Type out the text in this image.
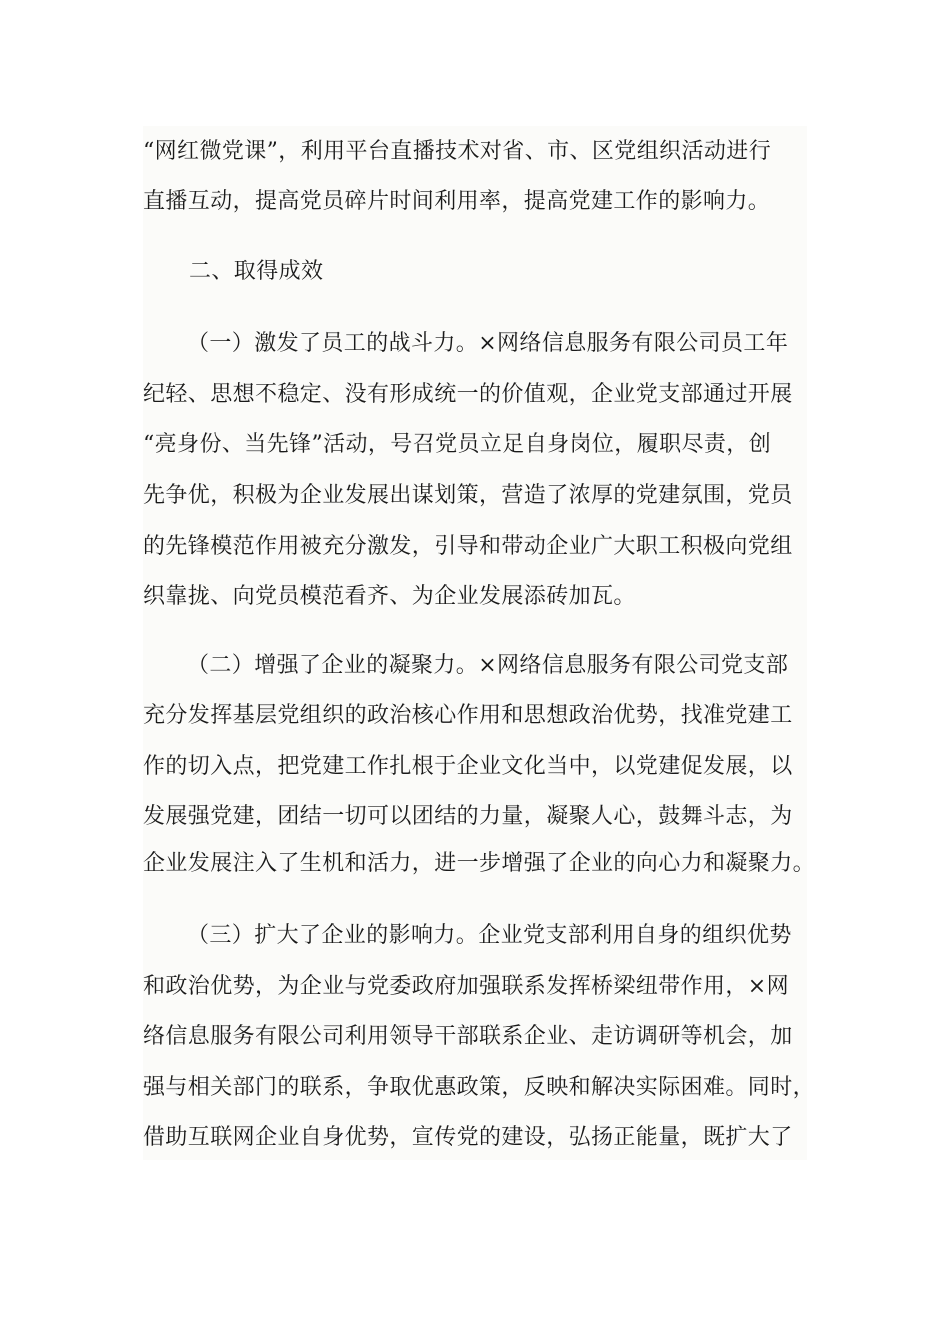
“网红微党课”，利用平台直播技术对省、市、区党组织活动进行
直播互动，提高党员碎片时间利用率，提高党建工作的影响力。
二、取得成效
（一）激发了员工的战斗力。×网络信息服务有限公司员工年
纪轻、思想不稳定、没有形成统一的价值观，企业党支部通过开展
“亮身份、当先锋”活动，号召党员立足自身岗位，履职尽责，创
先争优，积极为企业发展出谋划策，营造了浓厚的党建氛围，党员
的先锋模范作用被充分激发，引导和带动企业广大职工积极向党组
织靠拢、向党员模范看齐、为企业发展添砖加瓦。
（二）增强了企业的凝聚力。×网络信息服务有限公司党支部
充分发挥基层党组织的政治核心作用和思想政治优势，找准党建工
作的切入点，把党建工作扎根于企业文化当中，以党建促发展，以
发展强党建，团结一切可以团结的力量，凝聚人心，鼓舞斗志，为
企业发展注入了生机和活力，进一步增强了企业的向心力和凝聚力。
（三）扩大了企业的影响力。企业党支部利用自身的组织优势
和政治优势，为企业与党委政府加强联系发挥桥梁纽带作用，×网
络信息服务有限公司利用领导干部联系企业、走访调研等机会，加
强与相关部门的联系，争取优惠政策，反映和解决实际困难。同时，
借助互联网企业自身优势，宣传党的建设，弘扬正能量，既扩大了
